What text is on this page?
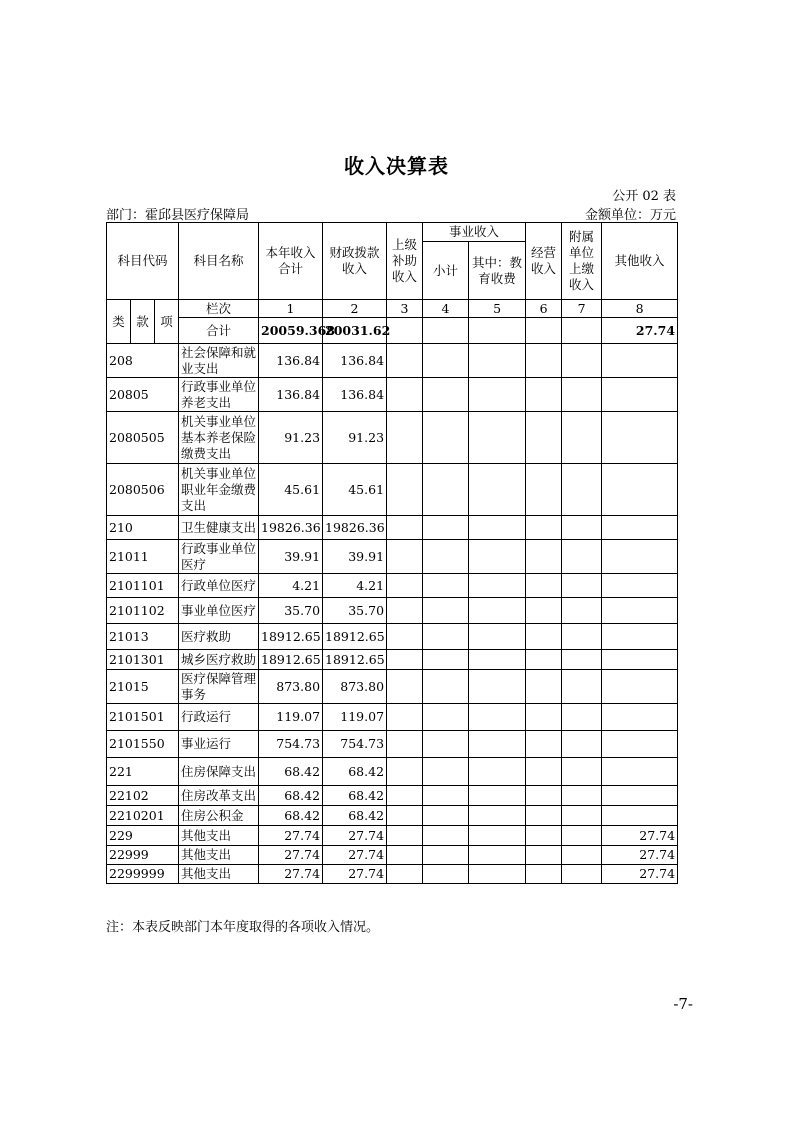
收入决算表
公开 02 表
部门：霍邱县医疗保障局	金额单位：万元
科目代码			科目名称	本年收入合计	财政拨款收入	上级补助收入	事业收入		经营收入	附属单位上缴收入	其他收入
							小计	其中：教育收费			
类	款	项	栏次	1	2	3	4	5	6	7	8
			合计	20059.368	20031.62						27.74
208			社会保障和就业支出	136.84	136.84						
20805			行政事业单位养老支出	136.84	136.84						
2080505			机关事业单位基本养老保险缴费支出	91.23	91.23						
2080506			机关事业单位职业年金缴费支出	45.61	45.61						
210			卫生健康支出	19826.36	19826.36						
21011			行政事业单位医疗	39.91	39.91						
2101101			行政单位医疗	4.21	4.21						
2101102			事业单位医疗	35.70	35.70						
21013			医疗救助	18912.65	18912.65						
2101301			城乡医疗救助	18912.65	18912.65						
21015			医疗保障管理事务	873.80	873.80						
2101501			行政运行	119.07	119.07						
2101550			事业运行	754.73	754.73						
221			住房保障支出	68.42	68.42						
22102			住房改革支出	68.42	68.42						
2210201			住房公积金	68.42	68.42						
229			其他支出	27.74	27.74						27.74
22999			其他支出	27.74	27.74						27.74
2299999			其他支出	27.74	27.74						27.74
注：本表反映部门本年度取得的各项收入情况。
-7-
